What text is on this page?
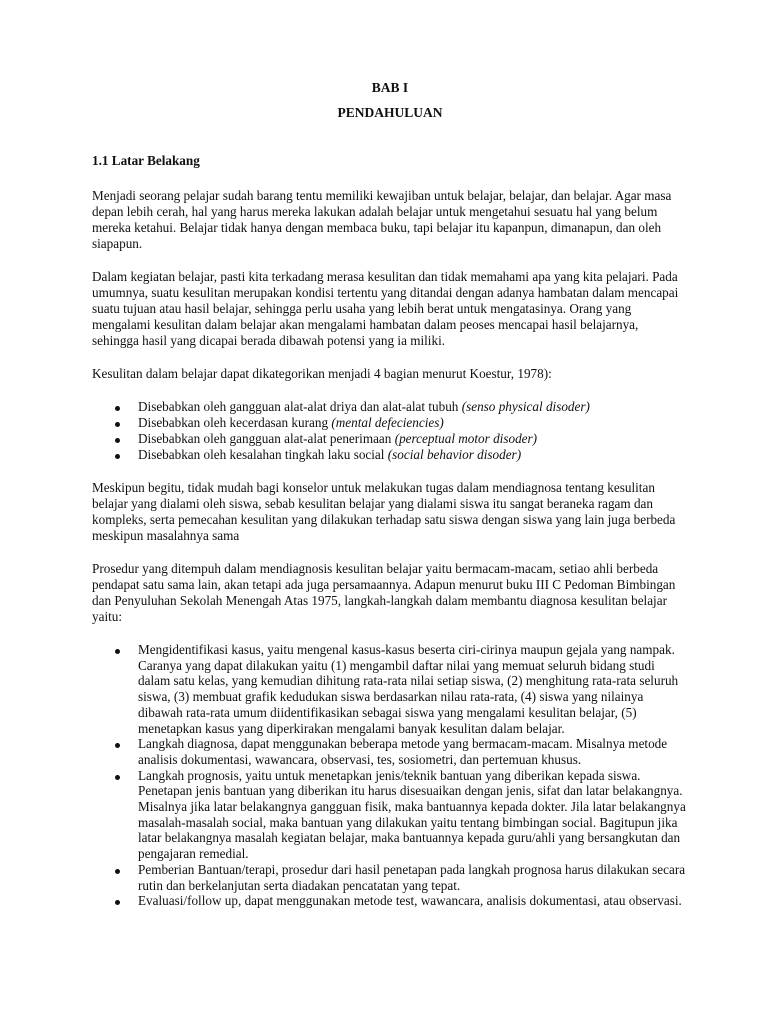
BAB I
PENDAHULUAN
1.1 Latar Belakang

Menjadi seorang pelajar sudah barang tentu memiliki kewajiban untuk belajar, belajar, dan belajar. Agar masa depan lebih cerah, hal yang harus mereka lakukan adalah belajar untuk mengetahui sesuatu hal yang belum mereka ketahui. Belajar tidak hanya dengan membaca buku, tapi belajar itu kapanpun, dimanapun, dan oleh siapapun.

Dalam kegiatan belajar, pasti kita terkadang merasa kesulitan dan tidak memahami apa yang kita pelajari. Pada umumnya, suatu kesulitan merupakan kondisi tertentu yang ditandai dengan adanya hambatan dalam mencapai suatu tujuan atau hasil belajar, sehingga perlu usaha yang lebih berat untuk mengatasinya. Orang yang mengalami kesulitan dalam belajar akan mengalami hambatan dalam peoses mencapai hasil belajarnya, sehingga hasil yang dicapai berada dibawah potensi yang ia miliki.

Kesulitan dalam belajar dapat dikategorikan menjadi 4 bagian menurut Koestur, 1978):

Disebabkan oleh gangguan alat-alat driya dan alat-alat tubuh (senso physical disoder)
Disebabkan oleh kecerdasan kurang (mental defeciencies)
Disebabkan oleh gangguan alat-alat penerimaan (perceptual motor disoder)
Disebabkan oleh kesalahan tingkah laku social (social behavior disoder)

Meskipun begitu, tidak mudah bagi konselor untuk melakukan tugas dalam mendiagnosa tentang kesulitan belajar yang dialami oleh siswa, sebab kesulitan belajar yang dialami siswa itu sangat beraneka ragam dan kompleks, serta pemecahan kesulitan yang dilakukan terhadap satu siswa dengan siswa yang lain juga berbeda meskipun masalahnya sama

Prosedur yang ditempuh dalam mendiagnosis kesulitan belajar yaitu bermacam-macam, setiao ahli berbeda pendapat satu sama lain, akan tetapi ada juga persamaannya. Adapun menurut buku III C Pedoman Bimbingan dan Penyuluhan Sekolah Menengah Atas 1975, langkah-langkah dalam membantu diagnosa kesulitan belajar yaitu:

Mengidentifikasi kasus, yaitu mengenal kasus-kasus beserta ciri-cirinya maupun gejala yang nampak. Caranya yang dapat dilakukan yaitu (1) mengambil daftar nilai yang memuat seluruh bidang studi dalam satu kelas, yang kemudian dihitung rata-rata nilai setiap siswa, (2) menghitung rata-rata seluruh siswa, (3) membuat grafik kedudukan siswa berdasarkan nilau rata-rata, (4) siswa yang nilainya dibawah rata-rata umum diidentifikasikan sebagai siswa yang mengalami kesulitan belajar, (5) menetapkan kasus yang diperkirakan mengalami banyak kesulitan dalam belajar.
Langkah diagnosa, dapat menggunakan beberapa metode yang bermacam-macam. Misalnya metode analisis dokumentasi, wawancara, observasi, tes, sosiometri, dan pertemuan khusus.
Langkah prognosis, yaitu untuk menetapkan jenis/teknik bantuan yang diberikan kepada siswa. Penetapan jenis bantuan yang diberikan itu harus disesuaikan dengan jenis, sifat dan latar belakangnya. Misalnya jika latar belakangnya gangguan fisik, maka bantuannya kepada dokter. Jila latar belakangnya masalah-masalah social, maka bantuan yang dilakukan yaitu tentang bimbingan social. Bagitupun jika latar belakangnya masalah kegiatan belajar, maka bantuannya kepada guru/ahli yang bersangkutan dan pengajaran remedial.
Pemberian Bantuan/terapi, prosedur dari hasil penetapan pada langkah prognosa harus dilakukan secara rutin dan berkelanjutan serta diadakan pencatatan yang tepat.
Evaluasi/follow up, dapat menggunakan metode test, wawancara, analisis dokumentasi, atau observasi.
